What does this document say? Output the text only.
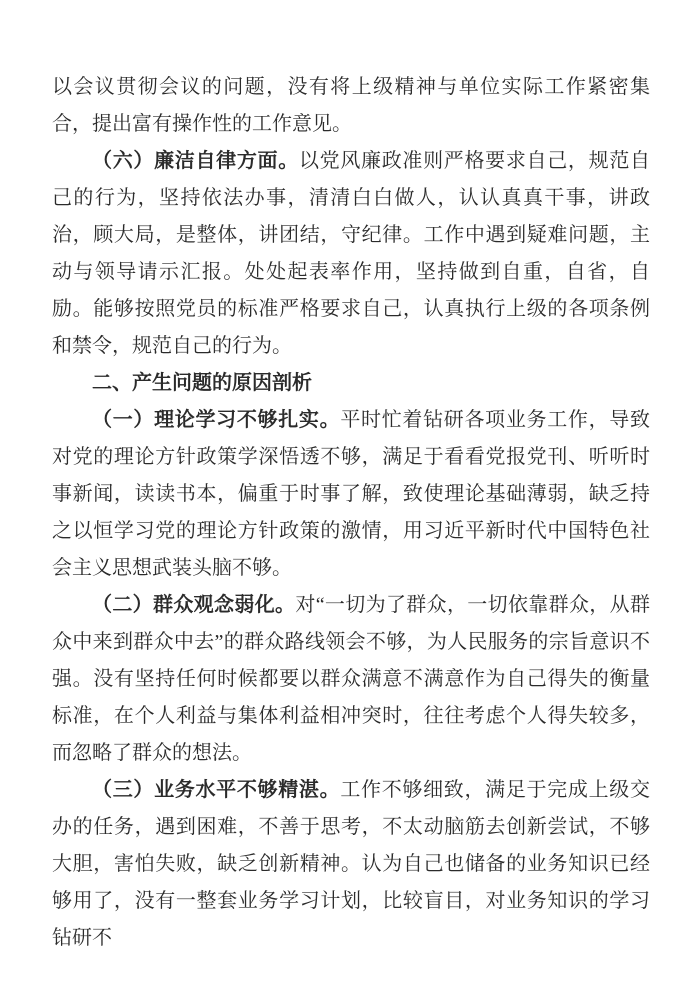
以会议贯彻会议的问题，没有将上级精神与单位实际工作紧密集合，提出富有操作性的工作意见。

（六）廉洁自律方面。以党风廉政准则严格要求自己，规范自己的行为，坚持依法办事，清清白白做人，认认真真干事，讲政治，顾大局，是整体，讲团结，守纪律。工作中遇到疑难问题，主动与领导请示汇报。处处起表率作用，坚持做到自重，自省，自励。能够按照党员的标准严格要求自己，认真执行上级的各项条例和禁令，规范自己的行为。

二、产生问题的原因剖析

（一）理论学习不够扎实。平时忙着钻研各项业务工作，导致对党的理论方针政策学深悟透不够，满足于看看党报党刊、听听时事新闻，读读书本，偏重于时事了解，致使理论基础薄弱，缺乏持之以恒学习党的理论方针政策的激情，用习近平新时代中国特色社会主义思想武装头脑不够。

（二）群众观念弱化。对“一切为了群众，一切依靠群众，从群众中来到群众中去”的群众路线领会不够，为人民服务的宗旨意识不强。没有坚持任何时候都要以群众满意不满意作为自己得失的衡量标准，在个人利益与集体利益相冲突时，往往考虑个人得失较多，而忽略了群众的想法。

（三）业务水平不够精湛。工作不够细致，满足于完成上级交办的任务，遇到困难，不善于思考，不太动脑筋去创新尝试，不够大胆，害怕失败，缺乏创新精神。认为自己也储备的业务知识已经够用了，没有一整套业务学习计划，比较盲目，对业务知识的学习钻研不
